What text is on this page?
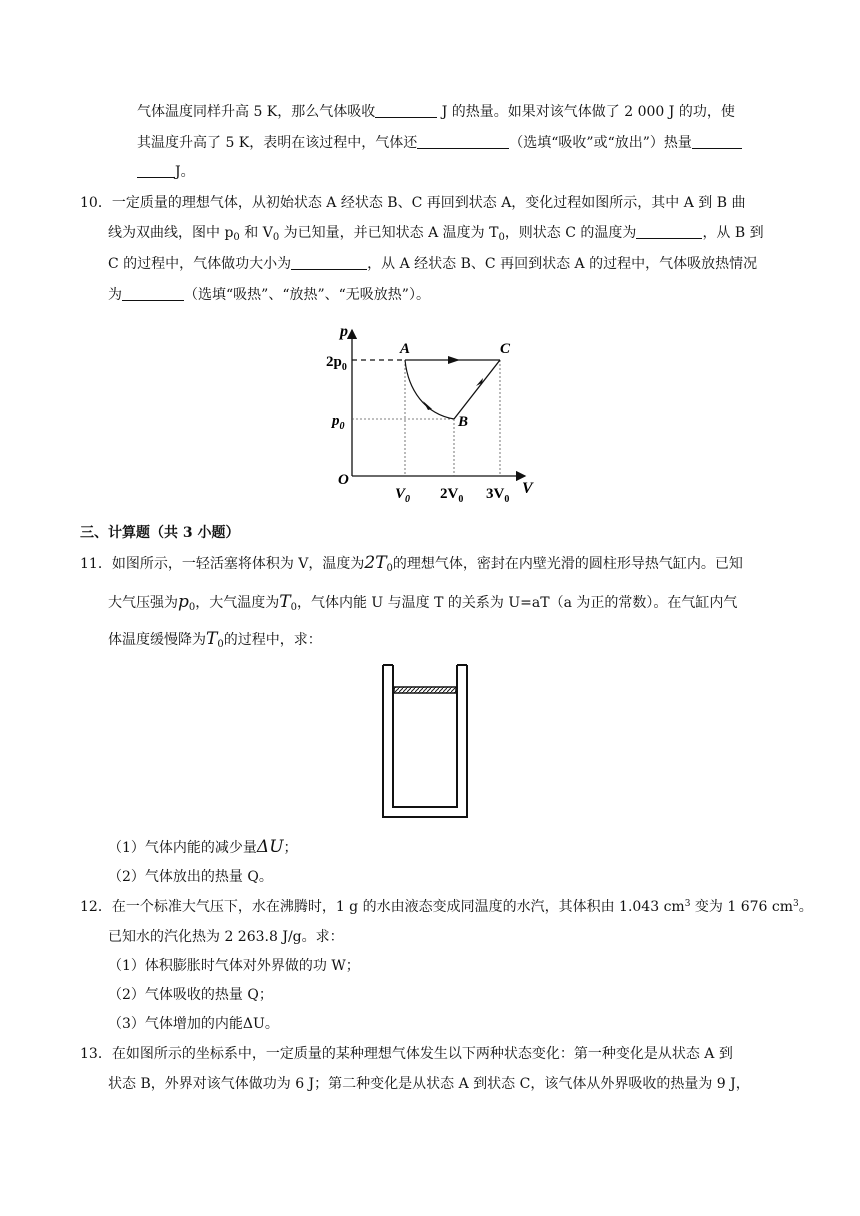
气体温度同样升高 5 K，那么气体吸收	J 的热量。如果对该气体做了 2 000 J 的功，使
其温度升高了 5 K，表明在该过程中，气体还	（选填“吸收”或“放出”）热量
J。
10．一定质量的理想气体，从初始状态 A 经状态 B、C 再回到状态 A，变化过程如图所示，其中 A 到 B 曲
线为双曲线，图中 $p_0$ 和 $V_0$ 为已知量，并已知状态 A 温度为 $T_0$，则状态 C 的温度为	，从 B 到
C 的过程中，气体做功大小为	，从 A 经状态 B、C 再回到状态 A 的过程中，气体吸放热情况
为	（选填“吸热”、“放热”、“无吸放热”）。
p
V
O
$2p_0$
$p_0$
$V_0$ $2V_0$ $3V_0$
A
B
C
三、计算题（共 3 小题）
11．如图所示，一轻活塞将体积为 V，温度为$2T_0$的理想气体，密封在内壁光滑的圆柱形导热气缸内。已知
大气压强为$p_0$，大气温度为$T_0$，气体内能 U 与温度 T 的关系为 U=aT（a 为正的常数）。在气缸内气
体温度缓慢降为$T_0$的过程中，求：
（1）气体内能的减少量ΔU；
（2）气体放出的热量 Q。
12．在一个标准大气压下，水在沸腾时，1 g 的水由液态变成同温度的水汽，其体积由 1.043 $cm^3$ 变为 1 676 $cm^3$。
已知水的汽化热为 2 263.8 J/g。求：
（1）体积膨胀时气体对外界做的功 W；
（2）气体吸收的热量 Q；
（3）气体增加的内能ΔU。
13．在如图所示的坐标系中，一定质量的某种理想气体发生以下两种状态变化：第一种变化是从状态 A 到
状态 B，外界对该气体做功为 6 J；第二种变化是从状态 A 到状态 C，该气体从外界吸收的热量为 9 J，
